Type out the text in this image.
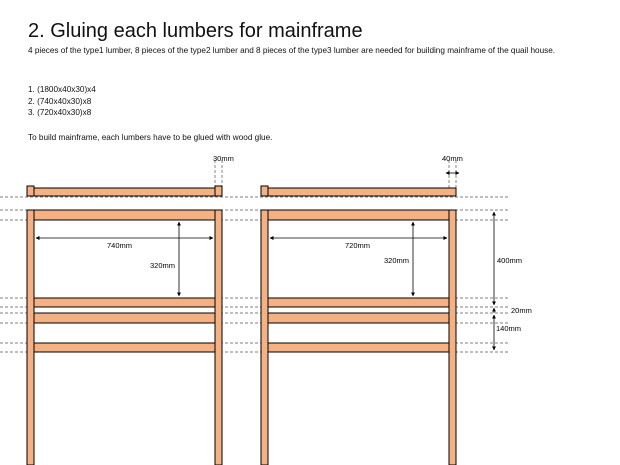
2. Gluing each lumbers for mainframe
4 pieces of the type1 lumber, 8 pieces of the type2 lumber and 8 pieces of the type3 lumber are needed for building mainframe of the quail house.
1. (1800x40x30)x4
2. (740x40x30)x8
3. (720x40x30)x8
To build mainframe, each lumbers have to be glued with wood glue.
30mm
740mm
320mm
40mm
720mm
320mm	400mm
20mm
140mm
